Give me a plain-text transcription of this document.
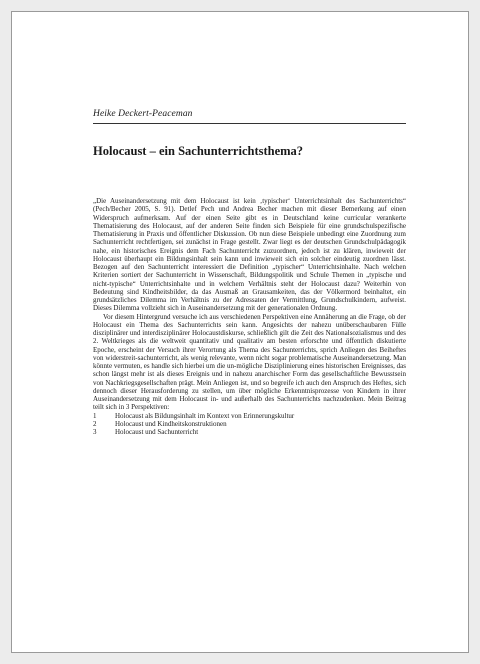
Heike Deckert-Peaceman
Holocaust – ein Sachunterrichtsthema?

„Die Auseinandersetzung mit dem Holocaust ist kein ‚typischer‘ Unterrichtsinhalt des Sachunterrichts“ (Pech/Becher 2005, S. 91). Detlef Pech und Andrea Becher machen mit dieser Bemerkung auf einen Widerspruch aufmerksam. Auf der einen Seite gibt es in Deutschland keine curricular verankerte Thematisierung des Holocaust, auf der anderen Seite finden sich Beispiele für eine grundschulspezifische Thematisierung in Praxis und öffentlicher Diskussion. Ob nun diese Beispiele unbedingt eine Zuordnung zum Sachunterricht rechtfertigen, sei zunächst in Frage gestellt. Zwar liegt es der deutschen Grundschulpädagogik nahe, ein historisches Ereignis dem Fach Sachunterricht zuzuordnen, jedoch ist zu klären, inwieweit der Holocaust überhaupt ein Bildungsinhalt sein kann und inwieweit sich ein solcher eindeutig zuordnen lässt. Bezogen auf den Sachunterricht interessiert die Definition „typischer“ Unterrichtsinhalte. Nach welchen Kriterien sortiert der Sachunterricht in Wissenschaft, Bildungspolitik und Schule Themen in „typische und nicht-typische“ Unterrichtsinhalte und in welchem Verhältnis steht der Holocaust dazu? Weiterhin von Bedeutung sind Kindheitsbilder, da das Ausmaß an Grausamkeiten, das der Völkermord beinhaltet, ein grundsätzliches Dilemma im Verhältnis zu der Adressaten der Vermittlung, Grundschulkindern, aufweist. Dieses Dilemma vollzieht sich in Auseinandersetzung mit der generationalen Ordnung.

Vor diesem Hintergrund versuche ich aus verschiedenen Perspektiven eine Annäherung an die Frage, ob der Holocaust ein Thema des Sachunterrichts sein kann. Angesichts der nahezu unüberschaubaren Fülle disziplinärer und interdisziplinärer Holocaustdiskurse, schließlich gilt die Zeit des Nationalsozialismus und des 2. Weltkrieges als die weltweit quantitativ und qualitativ am besten erforschte und öffentlich diskutierte Epoche, erscheint der Versuch ihrer Verortung als Thema des Sachunterrichts, sprich Anliegen des Beiheftes von widerstreit-sachunterricht, als wenig relevante, wenn nicht sogar problematische Auseinandersetzung. Man könnte vermuten, es handle sich hierbei um die un-mögliche Disziplinierung eines historischen Ereignisses, das schon längst mehr ist als dieses Ereignis und in nahezu anarchischer Form das gesellschaftliche Bewusstsein von Nachkriegsgesellschaften prägt. Mein Anliegen ist, und so begreife ich auch den Anspruch des Heftes, sich dennoch dieser Herausforderung zu stellen, um über mögliche Erkenntnisprozesse von Kindern in ihrer Auseinandersetzung mit dem Holocaust in- und außerhalb des Sachunterrichts nachzudenken. Mein Beitrag teilt sich in 3 Perspektiven:

1	Holocaust als Bildungsinhalt im Kontext von Erinnerungskultur
2	Holocaust und Kindheitskonstruktionen
3	Holocaust und Sachunterricht
